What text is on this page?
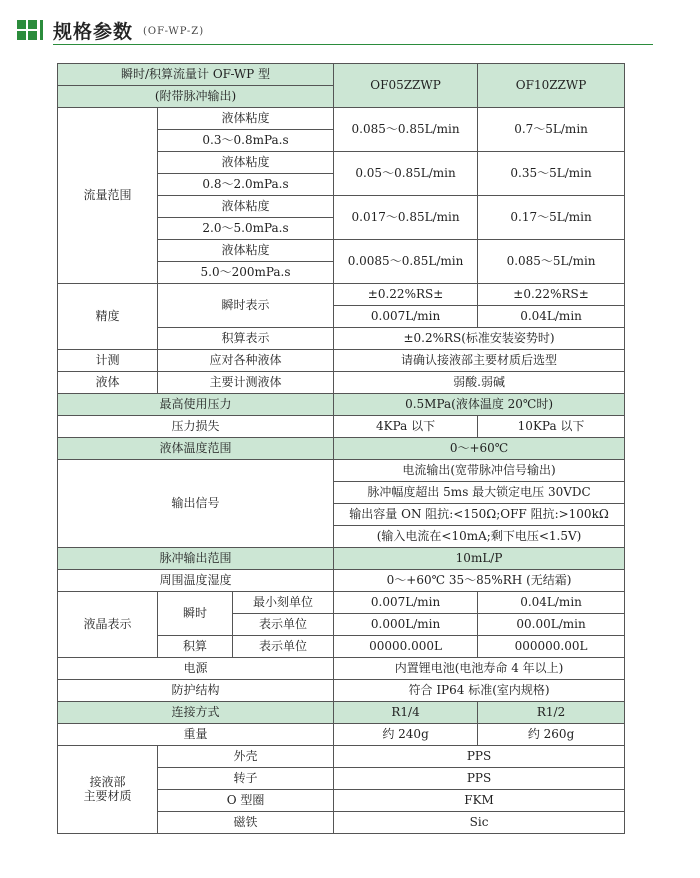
规格参数 (OF-WP-Z)
瞬时/积算流量计 OF-WP 型			OF05ZZWP	OF10ZZWP
(附带脉冲输出)				
流量范围	液体粘度		0.085～0.85L/min	0.7～5L/min
	0.3～0.8mPa.s			
	液体粘度		0.05～0.85L/min	0.35～5L/min
	0.8～2.0mPa.s			
	液体粘度		0.017～0.85L/min	0.17～5L/min
	2.0～5.0mPa.s			
	液体粘度		0.0085～0.85L/min	0.085～5L/min
	5.0～200mPa.s			
精度	瞬时表示		±0.22%RS±	±0.22%RS±
			0.007L/min	0.04L/min
	积算表示		±0.2%RS(标准安装姿势时)	
计测	应对各种液体		请确认接液部主要材质后选型	
液体	主要计测液体		弱酸.弱碱	
最高使用压力			0.5MPa(液体温度 20℃时)	
压力损失			4KPa 以下	10KPa 以下
液体温度范围			0～+60℃	
输出信号			电流输出(宽带脉冲信号输出)	
			脉冲幅度超出 5ms 最大锁定电压 30VDC	
			输出容量 ON 阻抗:<150Ω;OFF 阻抗:>100kΩ	
			(输入电流在<10mA;剩下电压<1.5V)	
脉冲输出范围			10mL/P	
周围温度湿度			0～+60℃ 35～85%RH (无结霜)	
液晶表示	瞬时	最小刻单位	0.007L/min	0.04L/min
		表示单位	0.000L/min	00.00L/min
	积算	表示单位	00000.000L	000000.00L
电源			内置锂电池(电池寿命 4 年以上)	
防护结构			符合 IP64 标准(室内规格)	
连接方式			R1/4	R1/2
重量			约 240g	约 260g

接液部
主要材质	外壳		PPS	
	转子		PPS	
	O 型圈		FKM	
	磁铁		Sic	
